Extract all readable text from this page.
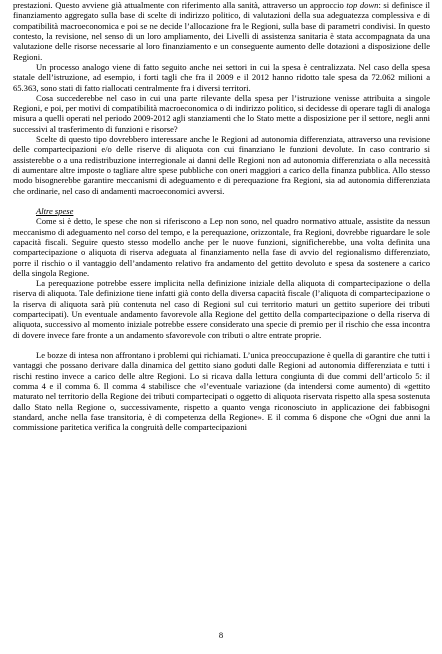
prestazioni. Questo avviene già attualmente con riferimento alla sanità, attraverso un approccio top down: si definisce il finanziamento aggregato sulla base di scelte di indirizzo politico, di valutazioni della sua adeguatezza complessiva e di compatibilità macroeconomica e poi se ne decide l’allocazione fra le Regioni, sulla base di parametri condivisi. In questo contesto, la revisione, nel senso di un loro ampliamento, dei Livelli di assistenza sanitaria è stata accompagnata da una valutazione delle risorse necessarie al loro finanziamento e un conseguente aumento delle dotazioni a disposizione delle Regioni.

Un processo analogo viene di fatto seguito anche nei settori in cui la spesa è centralizzata. Nel caso della spesa statale dell’istruzione, ad esempio, i forti tagli che fra il 2009 e il 2012 hanno ridotto tale spesa da 72.062 milioni a 65.363, sono stati di fatto riallocati centralmente fra i diversi territori.

Cosa succederebbe nel caso in cui una parte rilevante della spesa per l’istruzione venisse attribuita a singole Regioni, e poi, per motivi di compatibilità macroeconomica o di indirizzo politico, si decidesse di operare tagli di analoga misura a quelli operati nel periodo 2009-2012 agli stanziamenti che lo Stato mette a disposizione per il settore, negli anni successivi al trasferimento di funzioni e risorse?

Scelte di questo tipo dovrebbero interessare anche le Regioni ad autonomia differenziata, attraverso una revisione delle compartecipazioni e/o delle riserve di aliquota con cui finanziano le funzioni devolute. In caso contrario si assisterebbe o a una redistribuzione interregionale ai danni delle Regioni non ad autonomia differenziata o alla necessità di aumentare altre imposte o tagliare altre spese pubbliche con oneri maggiori a carico della finanza pubblica. Allo stesso modo bisognerebbe garantire meccanismi di adeguamento e di perequazione fra Regioni, sia ad autonomia differenziata che ordinarie, nel caso di andamenti macroeconomici avversi.

Altre spese

Come si è detto, le spese che non si riferiscono a Lep non sono, nel quadro normativo attuale, assistite da nessun meccanismo di adeguamento nel corso del tempo, e la perequazione, orizzontale, fra Regioni, dovrebbe riguardare le sole capacità fiscali. Seguire questo stesso modello anche per le nuove funzioni, significherebbe, una volta definita una compartecipazione o aliquota di riserva adeguata al finanziamento nella fase di avvio del regionalismo differenziato, porre il rischio o il vantaggio dell’andamento relativo fra andamento del gettito devoluto e spesa da sostenere a carico della singola Regione.

La perequazione potrebbe essere implicita nella definizione iniziale della aliquota di compartecipazione o della riserva di aliquota. Tale definizione tiene infatti già conto della diversa capacità fiscale (l’aliquota di compartecipazione o la riserva di aliquota sarà più contenuta nel caso di Regioni sul cui territorio maturi un gettito superiore dei tributi compartecipati). Un eventuale andamento favorevole alla Regione del gettito della compartecipazione o della riserva di aliquota, successivo al momento iniziale potrebbe essere considerato una specie di premio per il rischio che essa incontra di dovere invece fare fronte a un andamento sfavorevole con tributi o altre entrate proprie.

Le bozze di intesa non affrontano i problemi qui richiamati. L’unica preoccupazione è quella di garantire che tutti i vantaggi che possano derivare dalla dinamica del gettito siano goduti dalle Regioni ad autonomia differenziata e tutti i rischi restino invece a carico delle altre Regioni. Lo si ricava dalla lettura congiunta di due commi dell’articolo 5: il comma 4 e il comma 6. Il comma 4 stabilisce che «l’eventuale variazione (da intendersi come aumento) di «gettito maturato nel territorio della Regione dei tributi compartecipati o oggetto di aliquota riservata rispetto alla spesa sostenuta dallo Stato nella Regione o, successivamente, rispetto a quanto venga riconosciuto in applicazione dei fabbisogni standard, anche nella fase transitoria, è di competenza della Regione». E il comma 6 dispone che «Ogni due anni la commissione paritetica verifica la congruità delle compartecipazioni

8
